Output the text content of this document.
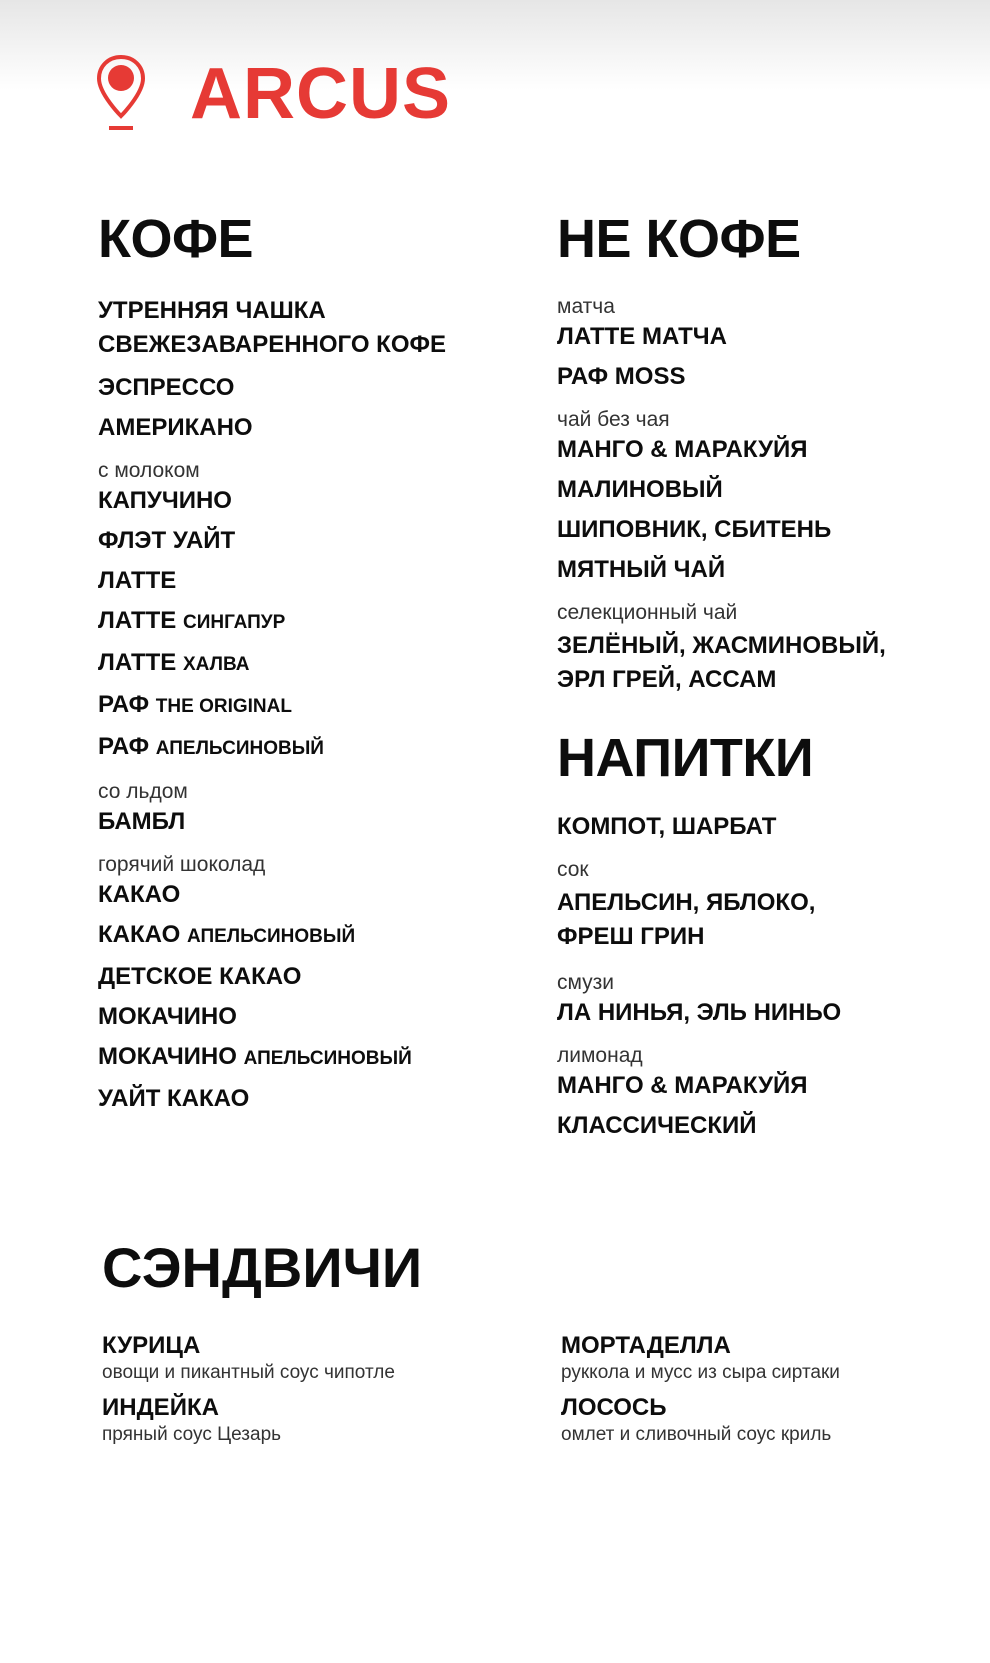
ARCUS
КОФЕ
УТРЕННЯЯ ЧАШКА
СВЕЖЕЗАВАРЕННОГО КОФЕ
ЭСПРЕССО
АМЕРИКАНО
с молоком
КАПУЧИНО
ФЛЭТ УАЙТ
ЛАТТЕ
ЛАТТЕ СИНГАПУР
ЛАТТЕ ХАЛВА
РАФ THE ORIGINAL
РАФ АПЕЛЬСИНОВЫЙ
со льдом
БАМБЛ
горячий шоколад
КАКАО
КАКАО АПЕЛЬСИНОВЫЙ
ДЕТСКОЕ КАКАО
МОКАЧИНО
МОКАЧИНО АПЕЛЬСИНОВЫЙ
УАЙТ КАКАО
НЕ КОФЕ
матча
ЛАТТЕ МАТЧА
РАФ MOSS
чай без чая
МАНГО & МАРАКУЙЯ
МАЛИНОВЫЙ
ШИПОВНИК, СБИТЕНЬ
МЯТНЫЙ ЧАЙ
селекционный чай
ЗЕЛЁНЫЙ, ЖАСМИНОВЫЙ,
ЭРЛ ГРЕЙ, АССАМ
НАПИТКИ
КОМПОТ, ШАРБАТ
сок
АПЕЛЬСИН, ЯБЛОКО,
ФРЕШ ГРИН
смузи
ЛА НИНЬЯ, ЭЛЬ НИНЬО
лимонад
МАНГО & МАРАКУЙЯ
КЛАССИЧЕСКИЙ
СЭНДВИЧИ
КУРИЦА
овощи и пикантный соус чипотле
МОРТАДЕЛЛА
руккола и мусс из сыра сиртаки
ИНДЕЙКА
пряный соус Цезарь
ЛОСОСЬ
омлет и сливочный соус криль
